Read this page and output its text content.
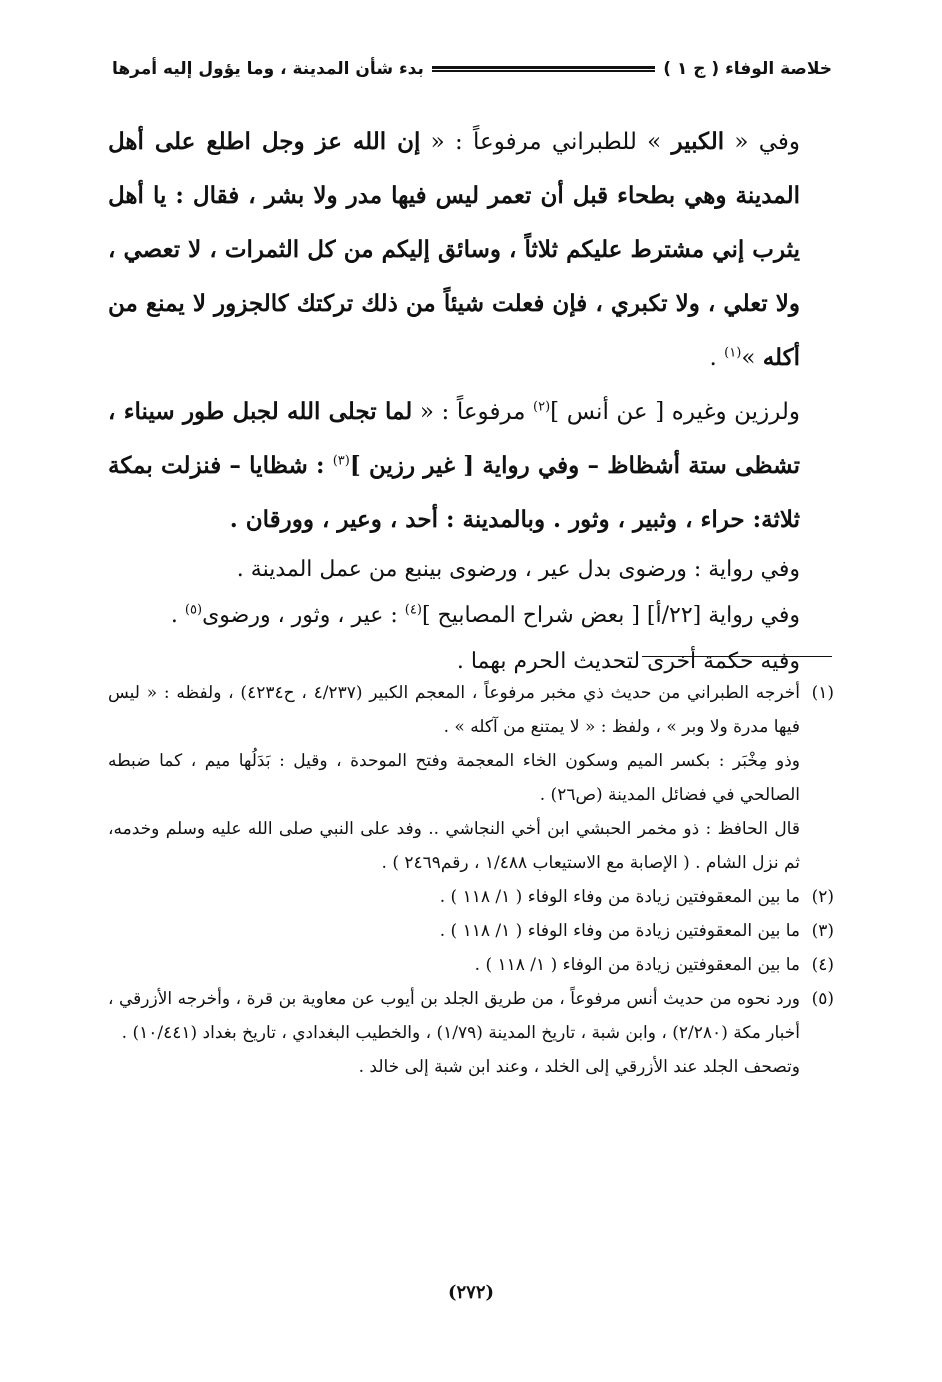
خلاصة الوفاء ( ج ١ )
بدء شأن المدينة ، وما يؤول إليه أمرها

وفي « الكبير » للطبراني مرفوعاً : « إن الله عز وجل اطلع على أهل المدينة وهي بطحاء قبل أن تعمر ليس فيها مدر ولا بشر ، فقال : يا أهل يثرب إني مشترط عليكم ثلاثاً ، وسائق إليكم من كل الثمرات ، لا تعصي ، ولا تعلي ، ولا تكبري ، فإن فعلت شيئاً من ذلك تركتك كالجزور لا يمنع من أكله »$^{(١)}$ .

ولرزين وغيره [ عن أنس ]$^{(٢)}$ مرفوعاً : « لما تجلى الله لجبل طور سيناء ، تشظى ستة أشظاظ – وفي رواية [ غير رزين ]$^{(٣)}$ : شظايا – فنزلت بمكة ثلاثة: حراء ، وثبير ، وثور . وبالمدينة : أحد ، وعير ، وورقان .

وفي رواية : ورضوى بدل عير ، ورضوى بينبع من عمل المدينة .

وفي رواية [٢٢/أ] [ بعض شراح المصابيح ]$^{(٤)}$ : عير ، وثور ، ورضوى$^{(٥)}$ .

وفيه حكمة أخرى لتحديث الحرم بهما .

(١)

أخرجه الطبراني من حديث ذي مخبر مرفوعاً ، المعجم الكبير (٤/٢٣٧ ، ح٤٢٣٤) ، ولفظه : « ليس فيها مدرة ولا وبر » ، ولفظ : « لا يمتنع من آكله » .

وذو مِخْبَر : بكسر الميم وسكون الخاء المعجمة وفتح الموحدة ، وقيل : بَدَلُها ميم ، كما ضبطه الصالحي في فضائل المدينة (ص٢٦) .

قال الحافظ : ذو مخمر الحبشي ابن أخي النجاشي .. وفد على النبي صلى الله عليه وسلم وخدمه، ثم نزل الشام . ( الإصابة مع الاستيعاب ١/٤٨٨ ، رقم٢٤٦٩ ) .

(٢)

ما بين المعقوفتين زيادة من وفاء الوفاء ( ١/ ١١٨ ) .

(٣)

ما بين المعقوفتين زيادة من وفاء الوفاء ( ١/ ١١٨ ) .

(٤)

ما بين المعقوفتين زيادة من الوفاء ( ١/ ١١٨ ) .

(٥)

ورد نحوه من حديث أنس مرفوعاً ، من طريق الجلد بن أيوب عن معاوية بن قرة ، وأخرجه الأزرقي ، أخبار مكة (٢/٢٨٠) ، وابن شبة ، تاريخ المدينة (١/٧٩) ، والخطيب البغدادي ، تاريخ بغداد (١٠/٤٤١) .

وتصحف الجلد عند الأزرقي إلى الخلد ، وعند ابن شبة إلى خالد .

(٢٧٢)
